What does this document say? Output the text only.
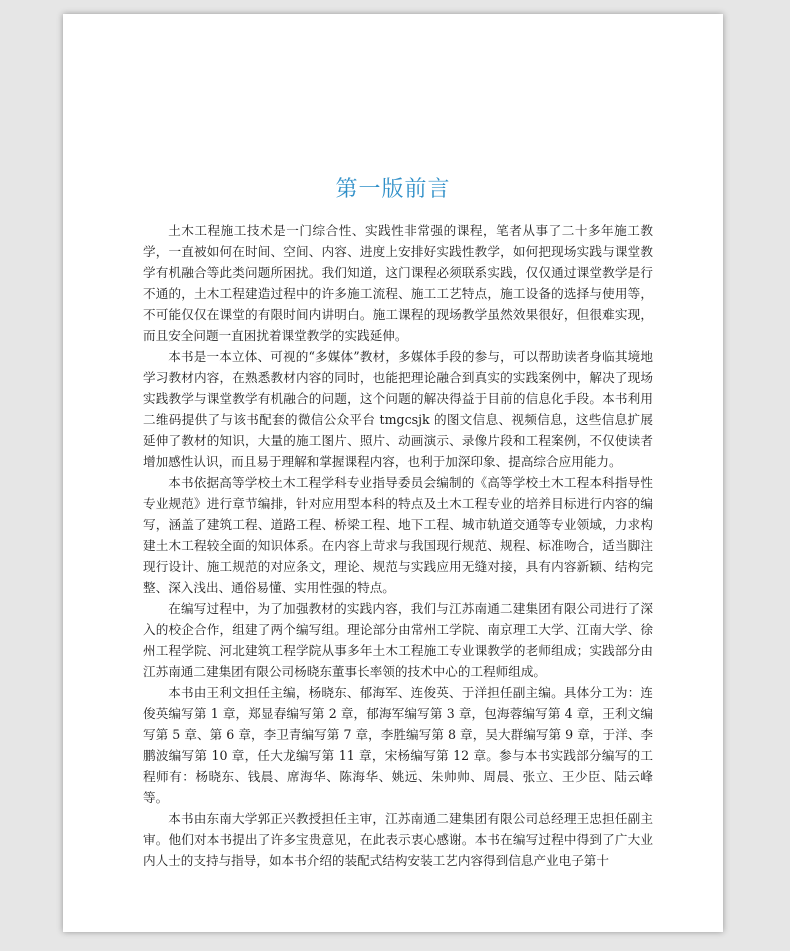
第一版前言

土木工程施工技术是一门综合性、实践性非常强的课程，笔者从事了二十多年施工教学，一直被如何在时间、空间、内容、进度上安排好实践性教学，如何把现场实践与课堂教学有机融合等此类问题所困扰。我们知道，这门课程必须联系实践，仅仅通过课堂教学是行不通的，土木工程建造过程中的许多施工流程、施工工艺特点，施工设备的选择与使用等，不可能仅仅在课堂的有限时间内讲明白。施工课程的现场教学虽然效果很好，但很难实现，而且安全问题一直困扰着课堂教学的实践延伸。

本书是一本立体、可视的“多媒体”教材，多媒体手段的参与，可以帮助读者身临其境地学习教材内容，在熟悉教材内容的同时，也能把理论融合到真实的实践案例中，解决了现场实践教学与课堂教学有机融合的问题，这个问题的解决得益于目前的信息化手段。本书利用二维码提供了与该书配套的微信公众平台 tmgcsjk 的图文信息、视频信息，这些信息扩展延伸了教材的知识，大量的施工图片、照片、动画演示、录像片段和工程案例，不仅使读者增加感性认识，而且易于理解和掌握课程内容，也利于加深印象、提高综合应用能力。

本书依据高等学校土木工程学科专业指导委员会编制的《高等学校土木工程本科指导性专业规范》进行章节编排，针对应用型本科的特点及土木工程专业的培养目标进行内容的编写，涵盖了建筑工程、道路工程、桥梁工程、地下工程、城市轨道交通等专业领域，力求构建土木工程较全面的知识体系。在内容上苛求与我国现行规范、规程、标准吻合，适当脚注现行设计、施工规范的对应条文，理论、规范与实践应用无缝对接，具有内容新颖、结构完整、深入浅出、通俗易懂、实用性强的特点。

在编写过程中，为了加强教材的实践内容，我们与江苏南通二建集团有限公司进行了深入的校企合作，组建了两个编写组。理论部分由常州工学院、南京理工大学、江南大学、徐州工程学院、河北建筑工程学院从事多年土木工程施工专业课教学的老师组成；实践部分由江苏南通二建集团有限公司杨晓东董事长率领的技术中心的工程师组成。

本书由王利文担任主编，杨晓东、郁海军、连俊英、于洋担任副主编。具体分工为：连俊英编写第 1 章，郑显春编写第 2 章，郁海军编写第 3 章，包海蓉编写第 4 章，王利文编写第 5 章、第 6 章，李卫青编写第 7 章，李胜编写第 8 章，吴大群编写第 9 章，于洋、李鹏波编写第 10 章，任大龙编写第 11 章，宋杨编写第 12 章。参与本书实践部分编写的工程师有：杨晓东、钱晨、席海华、陈海华、姚远、朱帅帅、周晨、张立、王少臣、陆云峰等。

本书由东南大学郭正兴教授担任主审，江苏南通二建集团有限公司总经理王忠担任副主审。他们对本书提出了许多宝贵意见，在此表示衷心感谢。本书在编写过程中得到了广大业内人士的支持与指导，如本书介绍的装配式结构安装工艺内容得到信息产业电子第十
